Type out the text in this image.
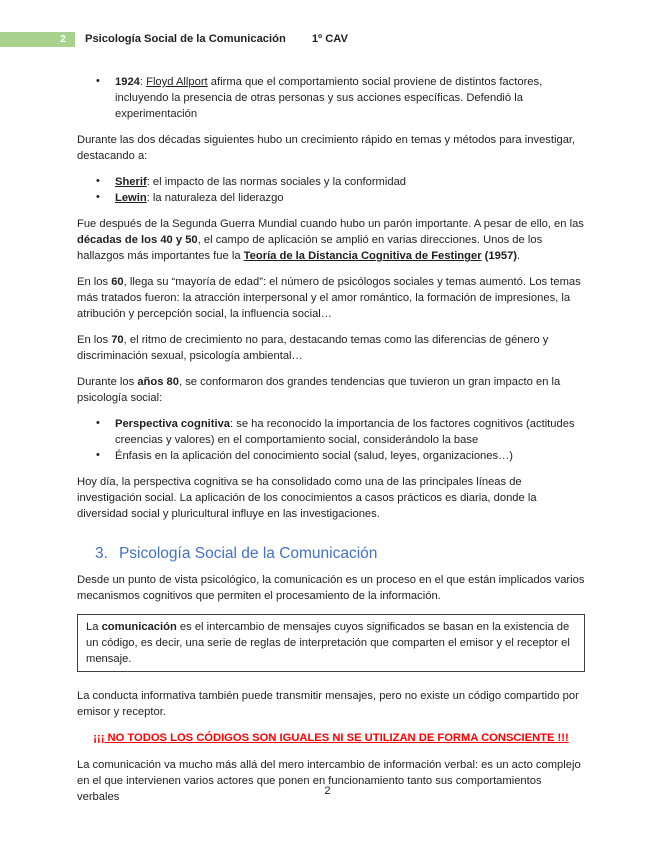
2	Psicología Social de la Comunicación 1º CAV
• 1924: Floyd Allport afirma que el comportamiento social proviene de distintos factores, incluyendo la presencia de otras personas y sus acciones específicas. Defendió la experimentación

Durante las dos décadas siguientes hubo un crecimiento rápido en temas y métodos para investigar, destacando a:

• Sherif: el impacto de las normas sociales y la conformidad
• Lewin: la naturaleza del liderazgo

Fue después de la Segunda Guerra Mundial cuando hubo un parón importante. A pesar de ello, en las décadas de los 40 y 50, el campo de aplicación se amplió en varias direcciones. Unos de los hallazgos más importantes fue la Teoría de la Distancia Cognitiva de Festinger (1957).

En los 60, llega su “mayoría de edad”: el número de psicólogos sociales y temas aumentó. Los temas más tratados fueron: la atracción interpersonal y el amor romántico, la formación de impresiones, la atribución y percepción social, la influencia social…

En los 70, el ritmo de crecimiento no para, destacando temas como las diferencias de género y discriminación sexual, psicología ambiental…

Durante los años 80, se conformaron dos grandes tendencias que tuvieron un gran impacto en la psicología social:

• Perspectiva cognitiva: se ha reconocido la importancia de los factores cognitivos (actitudes creencias y valores) en el comportamiento social, considerándolo la base
• Énfasis en la aplicación del conocimiento social (salud, leyes, organizaciones…)

Hoy día, la perspectiva cognitiva se ha consolidado como una de las principales líneas de investigación social. La aplicación de los conocimientos a casos prácticos es diaria, donde la diversidad social y pluricultural influye en las investigaciones.

3. Psicología Social de la Comunicación

Desde un punto de vista psicológico, la comunicación es un proceso en el que están implicados varios mecanismos cognitivos que permiten el procesamiento de la información.

La comunicación es el intercambio de mensajes cuyos significados se basan en la existencia de un código, es decir, una serie de reglas de interpretación que comparten el emisor y el receptor el mensaje.

La conducta informativa también puede transmitir mensajes, pero no existe un código compartido por emisor y receptor.

¡¡¡ NO TODOS LOS CÓDIGOS SON IGUALES NI SE UTILIZAN DE FORMA CONSCIENTE !!!

La comunicación va mucho más allá del mero intercambio de información verbal: es un acto complejo en el que intervienen varios actores que ponen en funcionamiento tanto sus comportamientos verbales	2
